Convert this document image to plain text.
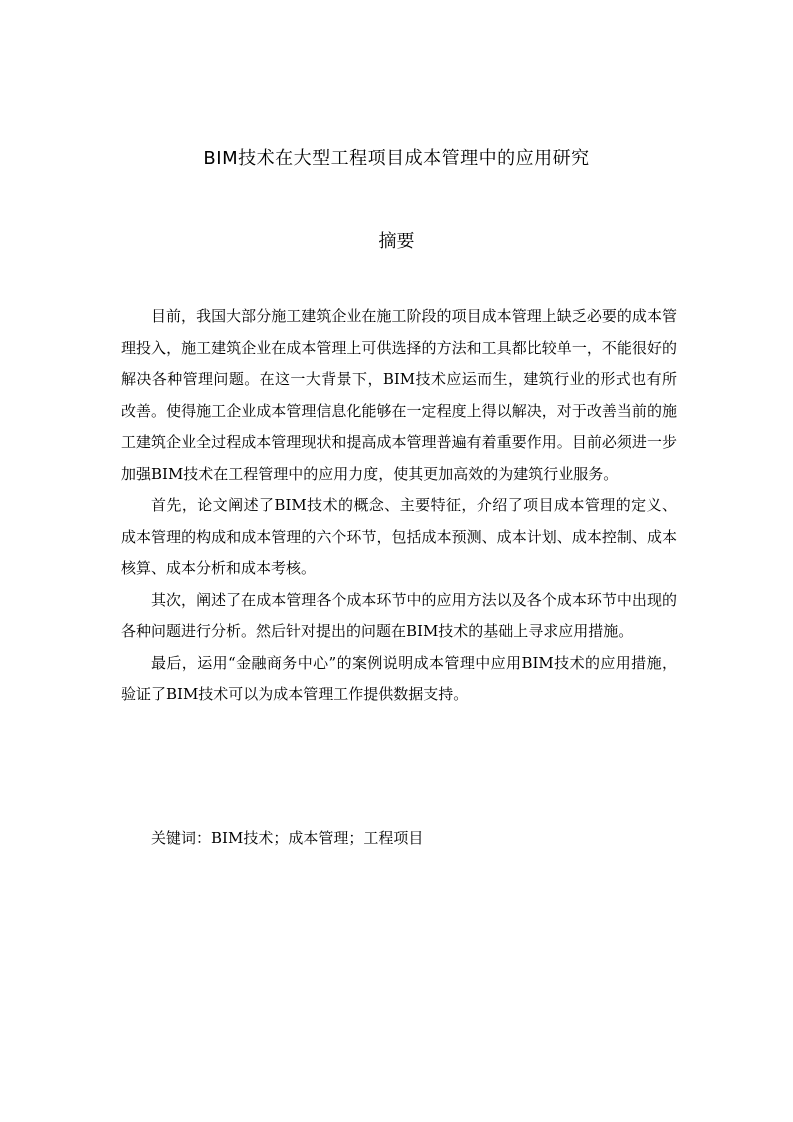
BIM技术在大型工程项目成本管理中的应用研究
摘要

目前，我国大部分施工建筑企业在施工阶段的项目成本管理上缺乏必要的成本管理投入，施工建筑企业在成本管理上可供选择的方法和工具都比较单一，不能很好的解决各种管理问题。在这一大背景下，BIM技术应运而生，建筑行业的形式也有所改善。使得施工企业成本管理信息化能够在一定程度上得以解决，对于改善当前的施工建筑企业全过程成本管理现状和提高成本管理普遍有着重要作用。目前必须进一步加强BIM技术在工程管理中的应用力度，使其更加高效的为建筑行业服务。

首先，论文阐述了BIM技术的概念、主要特征，介绍了项目成本管理的定义、成本管理的构成和成本管理的六个环节，包括成本预测、成本计划、成本控制、成本核算、成本分析和成本考核。

其次，阐述了在成本管理各个成本环节中的应用方法以及各个成本环节中出现的各种问题进行分析。然后针对提出的问题在BIM技术的基础上寻求应用措施。

最后，运用“金融商务中心”的案例说明成本管理中应用BIM技术的应用措施，验证了BIM技术可以为成本管理工作提供数据支持。

关键词：BIM技术；成本管理；工程项目
